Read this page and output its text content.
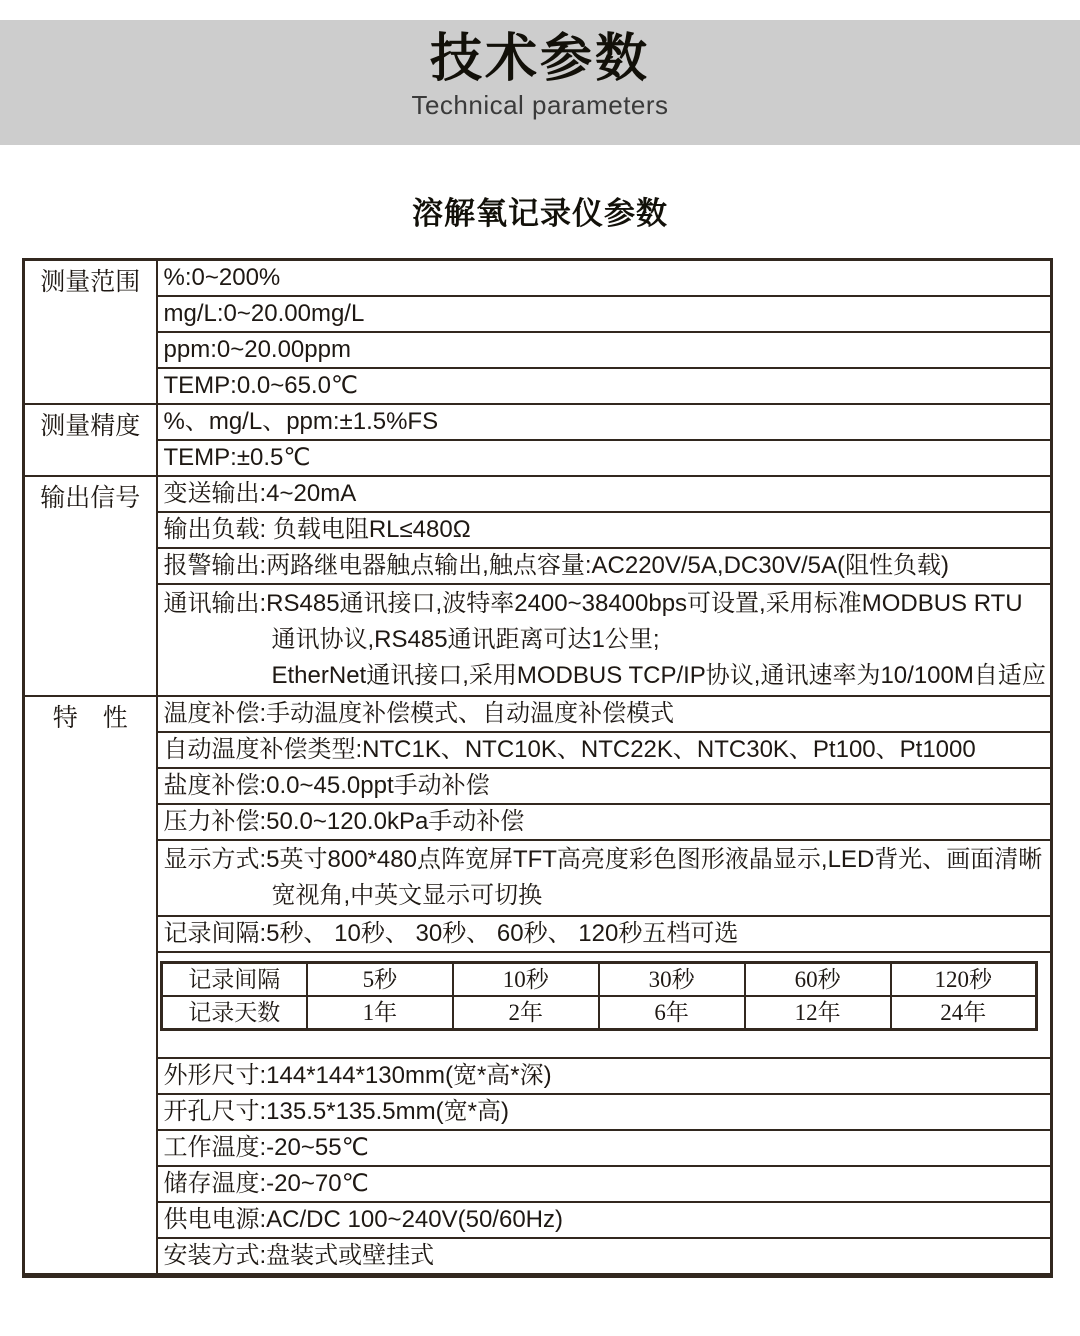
技术参数
Technical parameters
溶解氧记录仪参数
测量范围	%:0~200%
mg/L:0~20.00mg/L
ppm:0~20.00ppm
TEMP:0.0~65.0℃
测量精度	%、mg/L、ppm:±1.5%FS
TEMP:±0.5℃
输出信号	变送输出:4~20mA
输出负载: 负载电阻RL≤480Ω
报警输出:两路继电器触点输出,触点容量:AC220V/5A,DC30V/5A(阻性负载)

通讯输出:RS485通讯接口,波特率2400~38400bps可设置,采用标准MODBUS RTU
通讯协议,RS485通讯距离可达1公里;
EtherNet通讯接口,采用MODBUS TCP/IP协议,通讯速率为10/100M自适应

特　性	温度补偿:手动温度补偿模式、自动温度补偿模式
自动温度补偿类型:NTC1K、NTC10K、NTC22K、NTC30K、Pt100、Pt1000
盐度补偿:0.0~45.0ppt手动补偿
压力补偿:50.0~120.0kPa手动补偿

显示方式:5英寸800*480点阵宽屏TFT高亮度彩色图形液晶显示,LED背光、画面清晰
宽视角,中英文显示可切换

记录间隔:5秒、 10秒、 30秒、 60秒、 120秒五档可选

记录间隔	5秒	10秒	30秒	60秒	120秒
记录天数	1年	2年	6年	12年	24年

外形尺寸:144*144*130mm(宽*高*深)
开孔尺寸:135.5*135.5mm(宽*高)
工作温度:-20~55℃
储存温度:-20~70℃
供电电源:AC/DC 100~240V(50/60Hz)
安装方式:盘装式或壁挂式
